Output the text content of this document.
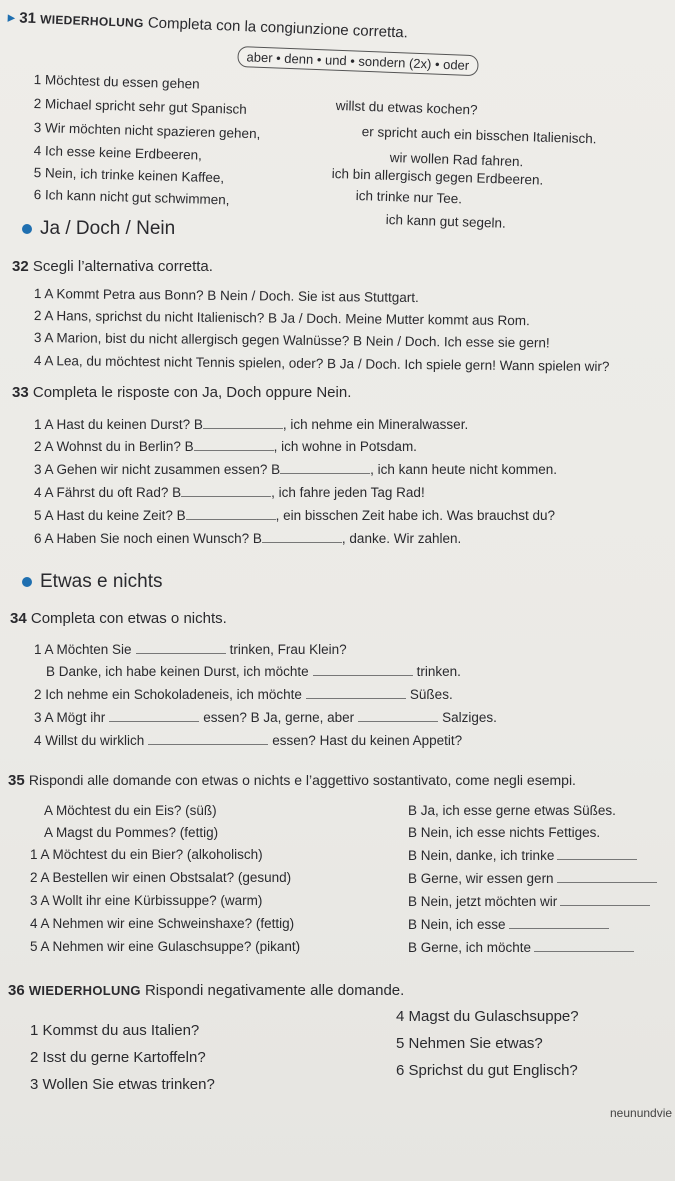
▸ 31 WIEDERHOLUNG Completa con la congiunzione corretta.
aber • denn • und • sondern (2x) • oder
1 Möchtest du essen gehen
2 Michael spricht sehr gut Spanisch
3 Wir möchten nicht spazieren gehen,
4 Ich esse keine Erdbeeren,
5 Nein, ich trinke keinen Kaffee,
6 Ich kann nicht gut schwimmen,
willst du etwas kochen?
er spricht auch ein bisschen Italienisch.
wir wollen Rad fahren.
ich bin allergisch gegen Erdbeeren.
ich trinke nur Tee.
ich kann gut segeln.
Ja / Doch / Nein
32 Scegli l’alternativa corretta.
1 A Kommt Petra aus Bonn? B Nein / Doch. Sie ist aus Stuttgart.
2 A Hans, sprichst du nicht Italienisch? B Ja / Doch. Meine Mutter kommt aus Rom.
3 A Marion, bist du nicht allergisch gegen Walnüsse? B Nein / Doch. Ich esse sie gern!
4 A Lea, du möchtest nicht Tennis spielen, oder? B Ja / Doch. Ich spiele gern! Wann spielen wir?
33 Completa le risposte con Ja, Doch oppure Nein.
1 A Hast du keinen Durst? B	, ich nehme ein Mineralwasser.
2 A Wohnst du in Berlin? B	, ich wohne in Potsdam.
3 A Gehen wir nicht zusammen essen? B	, ich kann heute nicht kommen.
4 A Fährst du oft Rad? B	, ich fahre jeden Tag Rad!
5 A Hast du keine Zeit? B	, ein bisschen Zeit habe ich. Was brauchst du?
6 A Haben Sie noch einen Wunsch? B	, danke. Wir zahlen.
Etwas e nichts
34 Completa con etwas o nichts.
1 A Möchten Sie	trinken, Frau Klein?
B Danke, ich habe keinen Durst, ich möchte	trinken.
2 Ich nehme ein Schokoladeneis, ich möchte	Süßes.
3 A Mögt ihr	essen? B Ja, gerne, aber	Salziges.
4 Willst du wirklich	essen? Hast du keinen Appetit?
35 Rispondi alle domande con etwas o nichts e l’aggettivo sostantivato, come negli esempi.
A Möchtest du ein Eis? (süß)	B Ja, ich esse gerne etwas Süßes.
A Magst du Pommes? (fettig)	B Nein, ich esse nichts Fettiges.
1 A Möchtest du ein Bier? (alkoholisch)	B Nein, danke, ich trinke
2 A Bestellen wir einen Obstsalat? (gesund)	B Gerne, wir essen gern
3 A Wollt ihr eine Kürbissuppe? (warm)	B Nein, jetzt möchten wir
4 A Nehmen wir eine Schweinshaxe? (fettig)	B Nein, ich esse
5 A Nehmen wir eine Gulaschsuppe? (pikant)	B Gerne, ich möchte
36 WIEDERHOLUNG Rispondi negativamente alle domande.
1 Kommst du aus Italien?
2 Isst du gerne Kartoffeln?
3 Wollen Sie etwas trinken?
4 Magst du Gulaschsuppe?
5 Nehmen Sie etwas?
6 Sprichst du gut Englisch?
neunundvie
